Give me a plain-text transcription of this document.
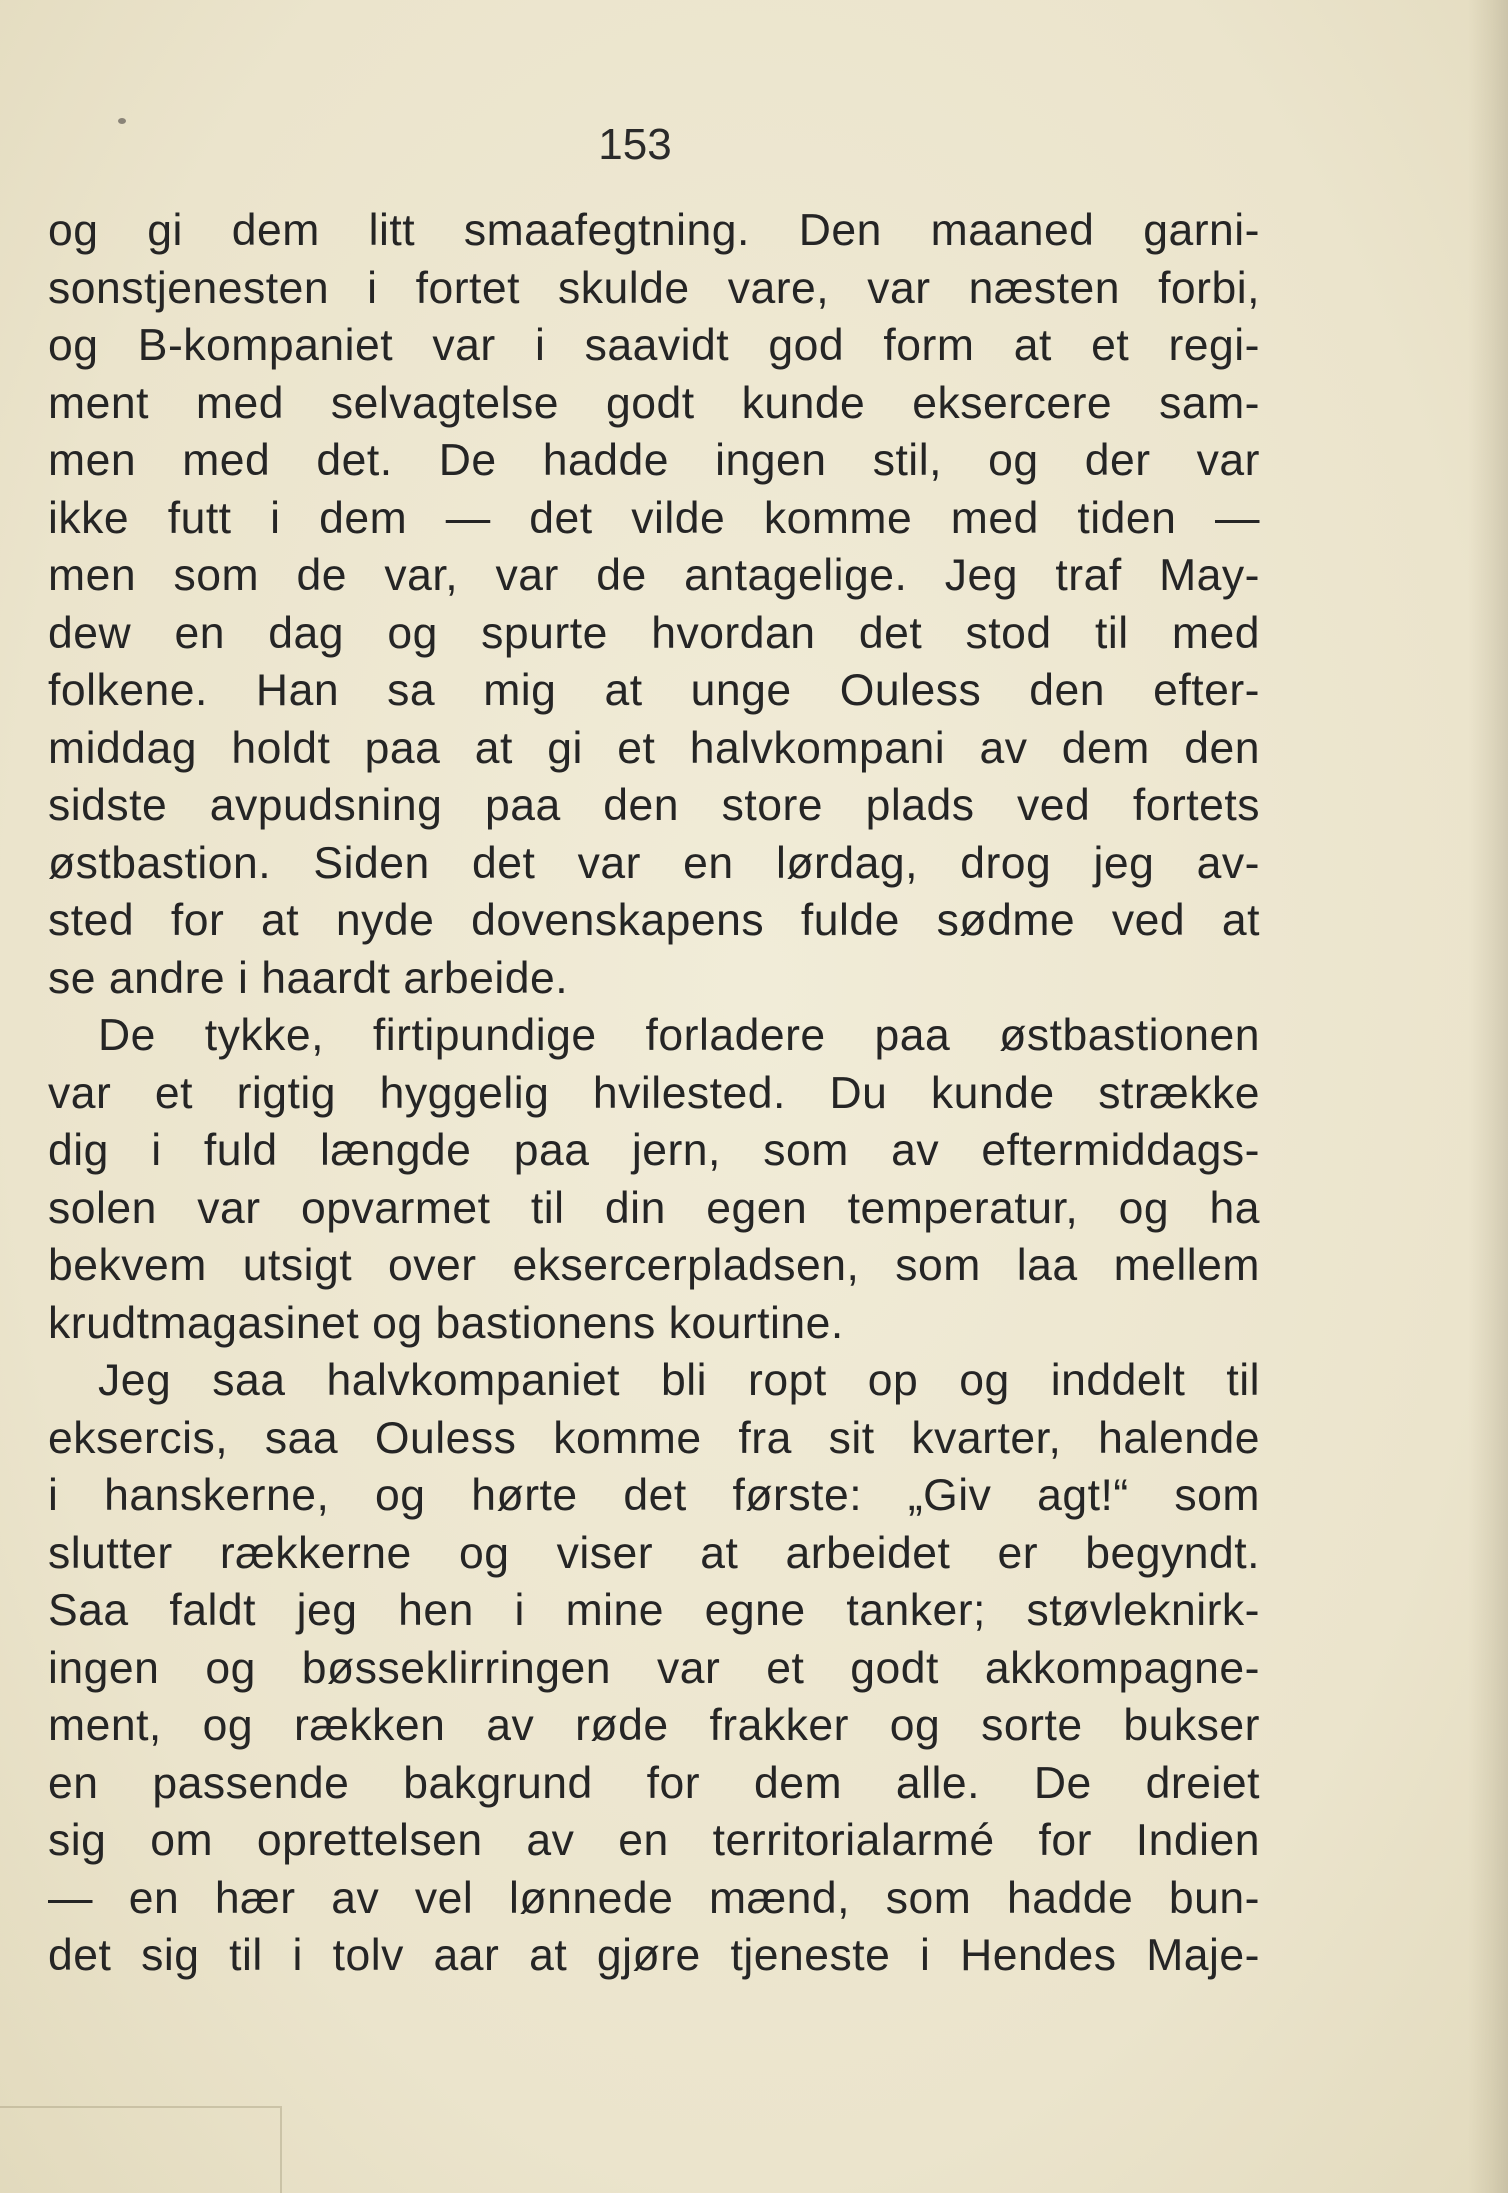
153
og gi dem litt smaafegtning. Den maaned garni-
sonstjenesten i fortet skulde vare, var næsten forbi,
og B-kompaniet var i saavidt god form at et regi-
ment med selvagtelse godt kunde eksercere sam-
men med det. De hadde ingen stil, og der var
ikke futt i dem — det vilde komme med tiden —
men som de var, var de antagelige. Jeg traf May-
dew en dag og spurte hvordan det stod til med
folkene. Han sa mig at unge Ouless den efter-
middag holdt paa at gi et halvkompani av dem den
sidste avpudsning paa den store plads ved fortets
østbastion. Siden det var en lørdag, drog jeg av-
sted for at nyde dovenskapens fulde sødme ved at
se andre i haardt arbeide.
De tykke, firtipundige forladere paa østbastionen
var et rigtig hyggelig hvilested. Du kunde strække
dig i fuld længde paa jern, som av eftermiddags-
solen var opvarmet til din egen temperatur, og ha
bekvem utsigt over eksercerpladsen, som laa mellem
krudtmagasinet og bastionens kourtine.
Jeg saa halvkompaniet bli ropt op og inddelt til
eksercis, saa Ouless komme fra sit kvarter, halende
i hanskerne, og hørte det første: „Giv agt!“ som
slutter rækkerne og viser at arbeidet er begyndt.
Saa faldt jeg hen i mine egne tanker; støvleknirk-
ingen og bøsseklirringen var et godt akkompagne-
ment, og rækken av røde frakker og sorte bukser
en passende bakgrund for dem alle. De dreiet
sig om oprettelsen av en territorialarmé for Indien
— en hær av vel lønnede mænd, som hadde bun-
det sig til i tolv aar at gjøre tjeneste i Hendes Maje-
